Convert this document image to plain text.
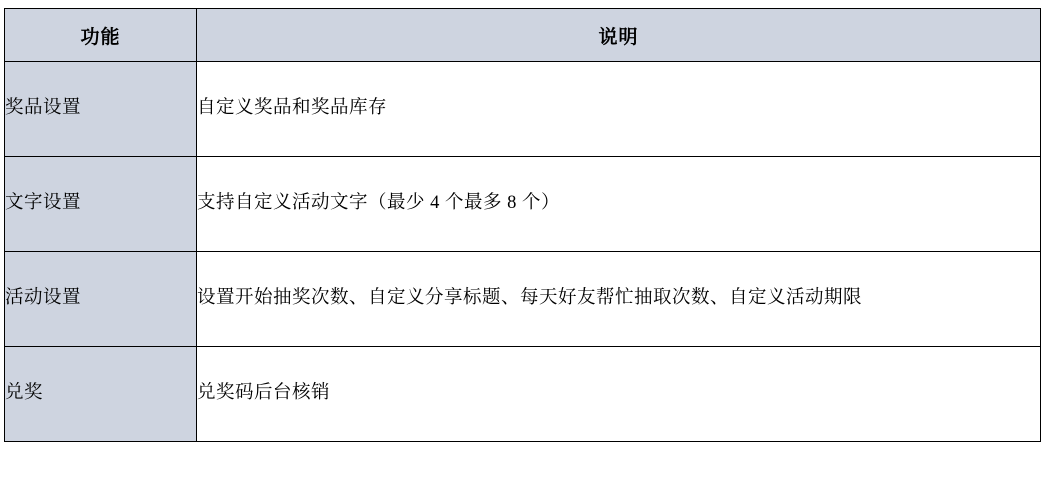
功能	说明

奖品设置	自定义奖品和奖品库存

文字设置	支持自定义活动文字（最少 4 个最多 8 个）

活动设置	设置开始抽奖次数、自定义分享标题、每天好友帮忙抽取次数、自定义活动期限

兑奖	兑奖码后台核销
